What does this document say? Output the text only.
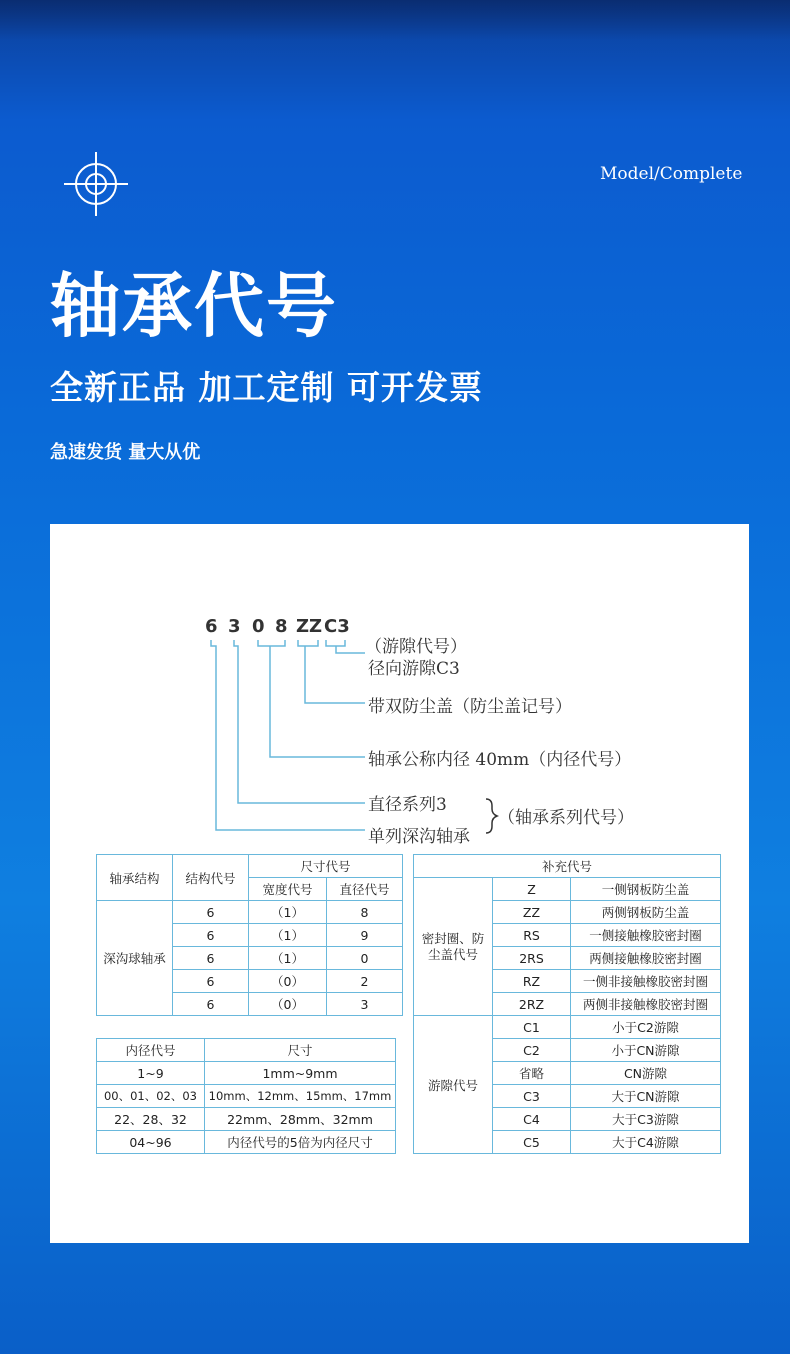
Model/Complete
轴承代号
全新正品 加工定制 可开发票
急速发货 量大从优
6 3 0 8 ZZ C3
（游隙代号）
径向游隙C3
带双防尘盖（防尘盖记号）
轴承公称内径 40mm（内径代号）
直径系列3
单列深沟轴承
（轴承系列代号）
轴承结构	结构代号	尺寸代号	
		宽度代号	直径代号
深沟球轴承	6	（1）	8
	6	（1）	9
	6	（1）	0
	6	（0）	2
	6	（0）	3
内径代号	尺寸
1~9	1mm~9mm
00、01、02、03	10mm、12mm、15mm、17mm
22、28、32	22mm、28mm、32mm
04~96	内径代号的5倍为内径尺寸
补充代号		
密封圈、防尘盖代号	Z	一侧钢板防尘盖
	ZZ	两侧钢板防尘盖
	RS	一侧接触橡胶密封圈
	2RS	两侧接触橡胶密封圈
	RZ	一侧非接触橡胶密封圈
	2RZ	两侧非接触橡胶密封圈
游隙代号	C1	小于C2游隙
	C2	小于CN游隙
	省略	CN游隙
	C3	大于CN游隙
	C4	大于C3游隙
	C5	大于C4游隙
